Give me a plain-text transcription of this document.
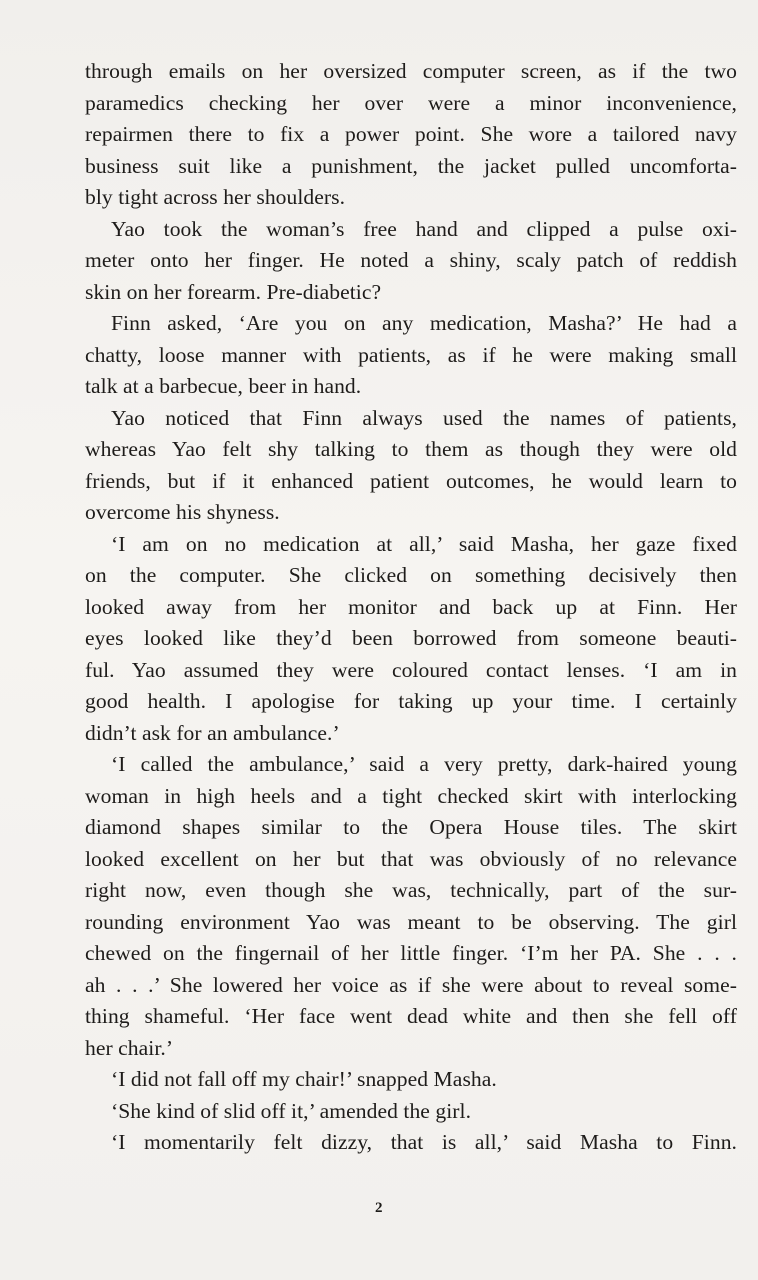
through emails on her oversized computer screen, as if the two
paramedics checking her over were a minor inconvenience,
repairmen there to fix a power point. She wore a tailored navy
business suit like a punishment, the jacket pulled uncomforta-
bly tight across her shoulders.
Yao took the woman’s free hand and clipped a pulse oxi-
meter onto her finger. He noted a shiny, scaly patch of reddish
skin on her forearm. Pre-diabetic?
Finn asked, ‘Are you on any medication, Masha?’ He had a
chatty, loose manner with patients, as if he were making small
talk at a barbecue, beer in hand.
Yao noticed that Finn always used the names of patients,
whereas Yao felt shy talking to them as though they were old
friends, but if it enhanced patient outcomes, he would learn to
overcome his shyness.
‘I am on no medication at all,’ said Masha, her gaze fixed
on the computer. She clicked on something decisively then
looked away from her monitor and back up at Finn. Her
eyes looked like they’d been borrowed from someone beauti-
ful. Yao assumed they were coloured contact lenses. ‘I am in
good health. I apologise for taking up your time. I certainly
didn’t ask for an ambulance.’
‘I called the ambulance,’ said a very pretty, dark-haired young
woman in high heels and a tight checked skirt with interlocking
diamond shapes similar to the Opera House tiles. The skirt
looked excellent on her but that was obviously of no relevance
right now, even though she was, technically, part of the sur-
rounding environment Yao was meant to be observing. The girl
chewed on the fingernail of her little finger. ‘I’m her PA. She . . .
ah . . .’ She lowered her voice as if she were about to reveal some-
thing shameful. ‘Her face went dead white and then she fell off
her chair.’
‘I did not fall off my chair!’ snapped Masha.
‘She kind of slid off it,’ amended the girl.
‘I momentarily felt dizzy, that is all,’ said Masha to Finn.
2
